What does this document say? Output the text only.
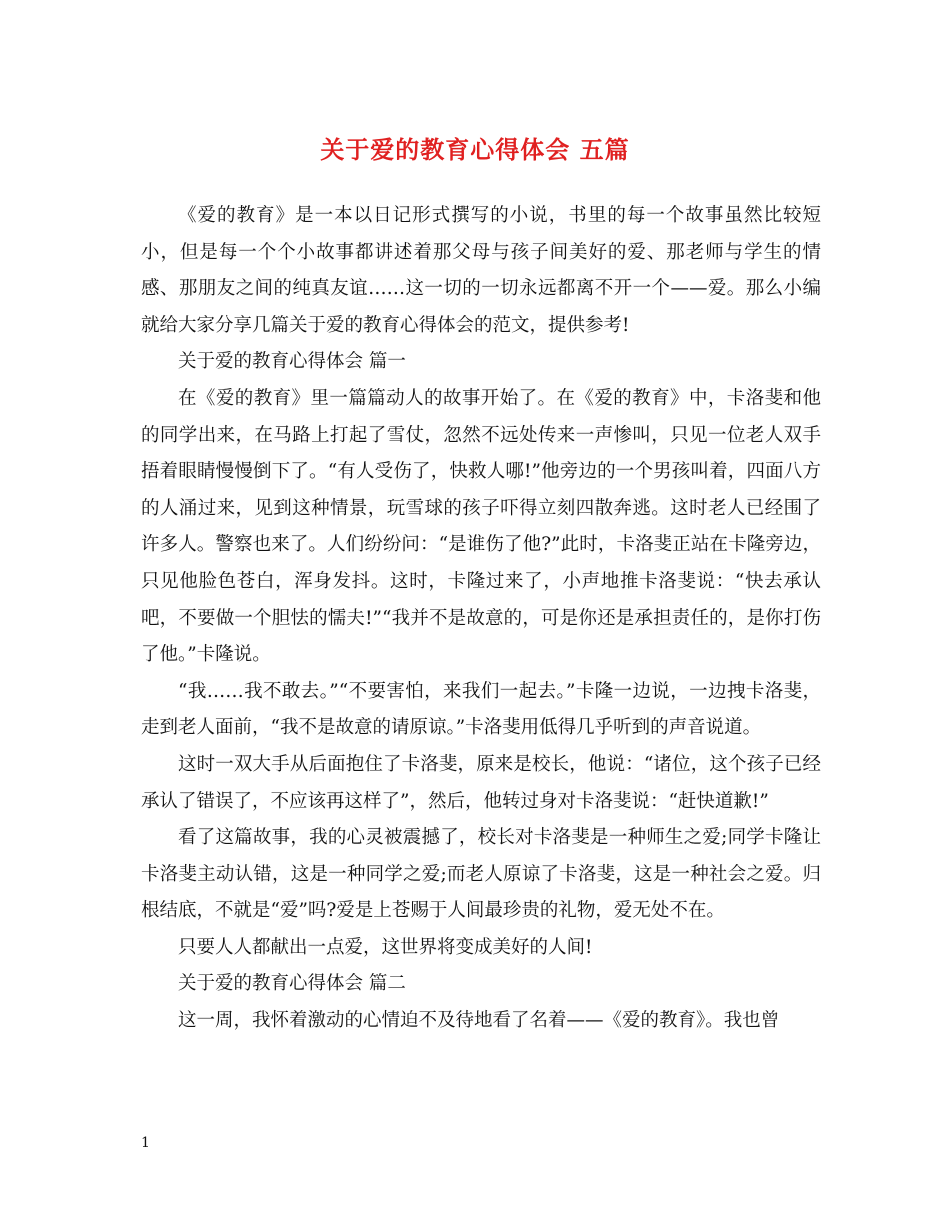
关于爱的教育心得体会 五篇

《爱的教育》是一本以日记形式撰写的小说，书里的每一个故事虽然比较短小，但是每一个个小故事都讲述着那父母与孩子间美好的爱、那老师与学生的情感、那朋友之间的纯真友谊……这一切的一切永远都离不开一个——爱。那么小编就给大家分享几篇关于爱的教育心得体会的范文，提供参考!

关于爱的教育心得体会 篇一

在《爱的教育》里一篇篇动人的故事开始了。在《爱的教育》中，卡洛斐和他的同学出来，在马路上打起了雪仗，忽然不远处传来一声惨叫，只见一位老人双手捂着眼睛慢慢倒下了。“有人受伤了，快救人哪!”他旁边的一个男孩叫着，四面八方的人涌过来，见到这种情景，玩雪球的孩子吓得立刻四散奔逃。这时老人已经围了许多人。警察也来了。人们纷纷问：“是谁伤了他?”此时，卡洛斐正站在卡隆旁边，只见他脸色苍白，浑身发抖。这时，卡隆过来了，小声地推卡洛斐说：“快去承认吧，不要做一个胆怯的懦夫!”“我并不是故意的，可是你还是承担责任的，是你打伤了他。”卡隆说。

“我……我不敢去。”“不要害怕，来我们一起去。”卡隆一边说，一边拽卡洛斐，走到老人面前，“我不是故意的请原谅。”卡洛斐用低得几乎听到的声音说道。

这时一双大手从后面抱住了卡洛斐，原来是校长，他说：“诸位，这个孩子已经承认了错误了，不应该再这样了”，然后，他转过身对卡洛斐说：“赶快道歉!”

看了这篇故事，我的心灵被震撼了，校长对卡洛斐是一种师生之爱;同学卡隆让卡洛斐主动认错，这是一种同学之爱;而老人原谅了卡洛斐，这是一种社会之爱。归根结底，不就是“爱”吗?爱是上苍赐于人间最珍贵的礼物，爱无处不在。

只要人人都献出一点爱，这世界将变成美好的人间!

关于爱的教育心得体会 篇二

这一周，我怀着激动的心情迫不及待地看了名着——《爱的教育》。我也曾

1
